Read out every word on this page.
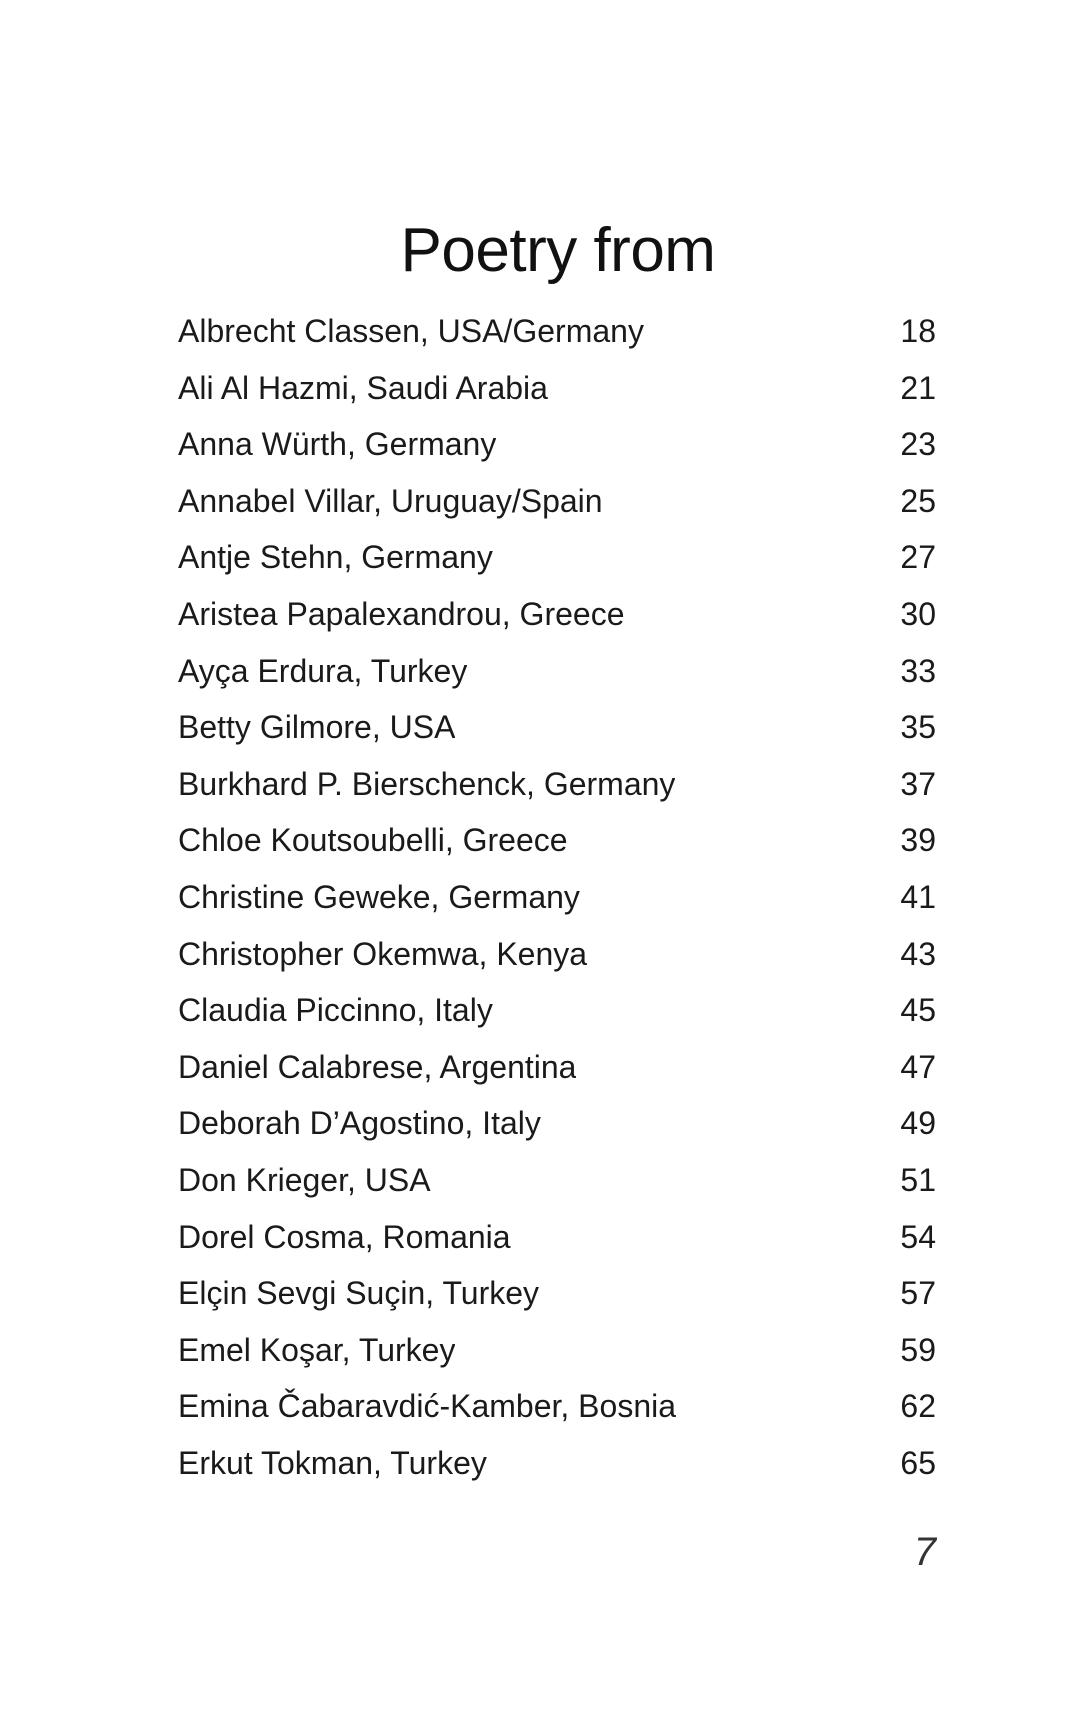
Poetry from
Albrecht Classen, USA/Germany	18
Ali Al Hazmi, Saudi Arabia	21
Anna Würth, Germany	23
Annabel Villar, Uruguay/Spain	25
Antje Stehn, Germany	27
Aristea Papalexandrou, Greece	30
Ayça Erdura, Turkey	33
Betty Gilmore, USA	35
Burkhard P. Bierschenck, Germany	37
Chloe Koutsoubelli, Greece	39
Christine Geweke, Germany	41
Christopher Okemwa, Kenya	43
Claudia Piccinno, Italy	45
Daniel Calabrese, Argentina	47
Deborah D’Agostino, Italy	49
Don Krieger, USA	51
Dorel Cosma, Romania	54
Elçin Sevgi Suçin, Turkey	57
Emel Koşar, Turkey	59
Emina Čabaravdić-Kamber, Bosnia	62
Erkut Tokman, Turkey	65
7
